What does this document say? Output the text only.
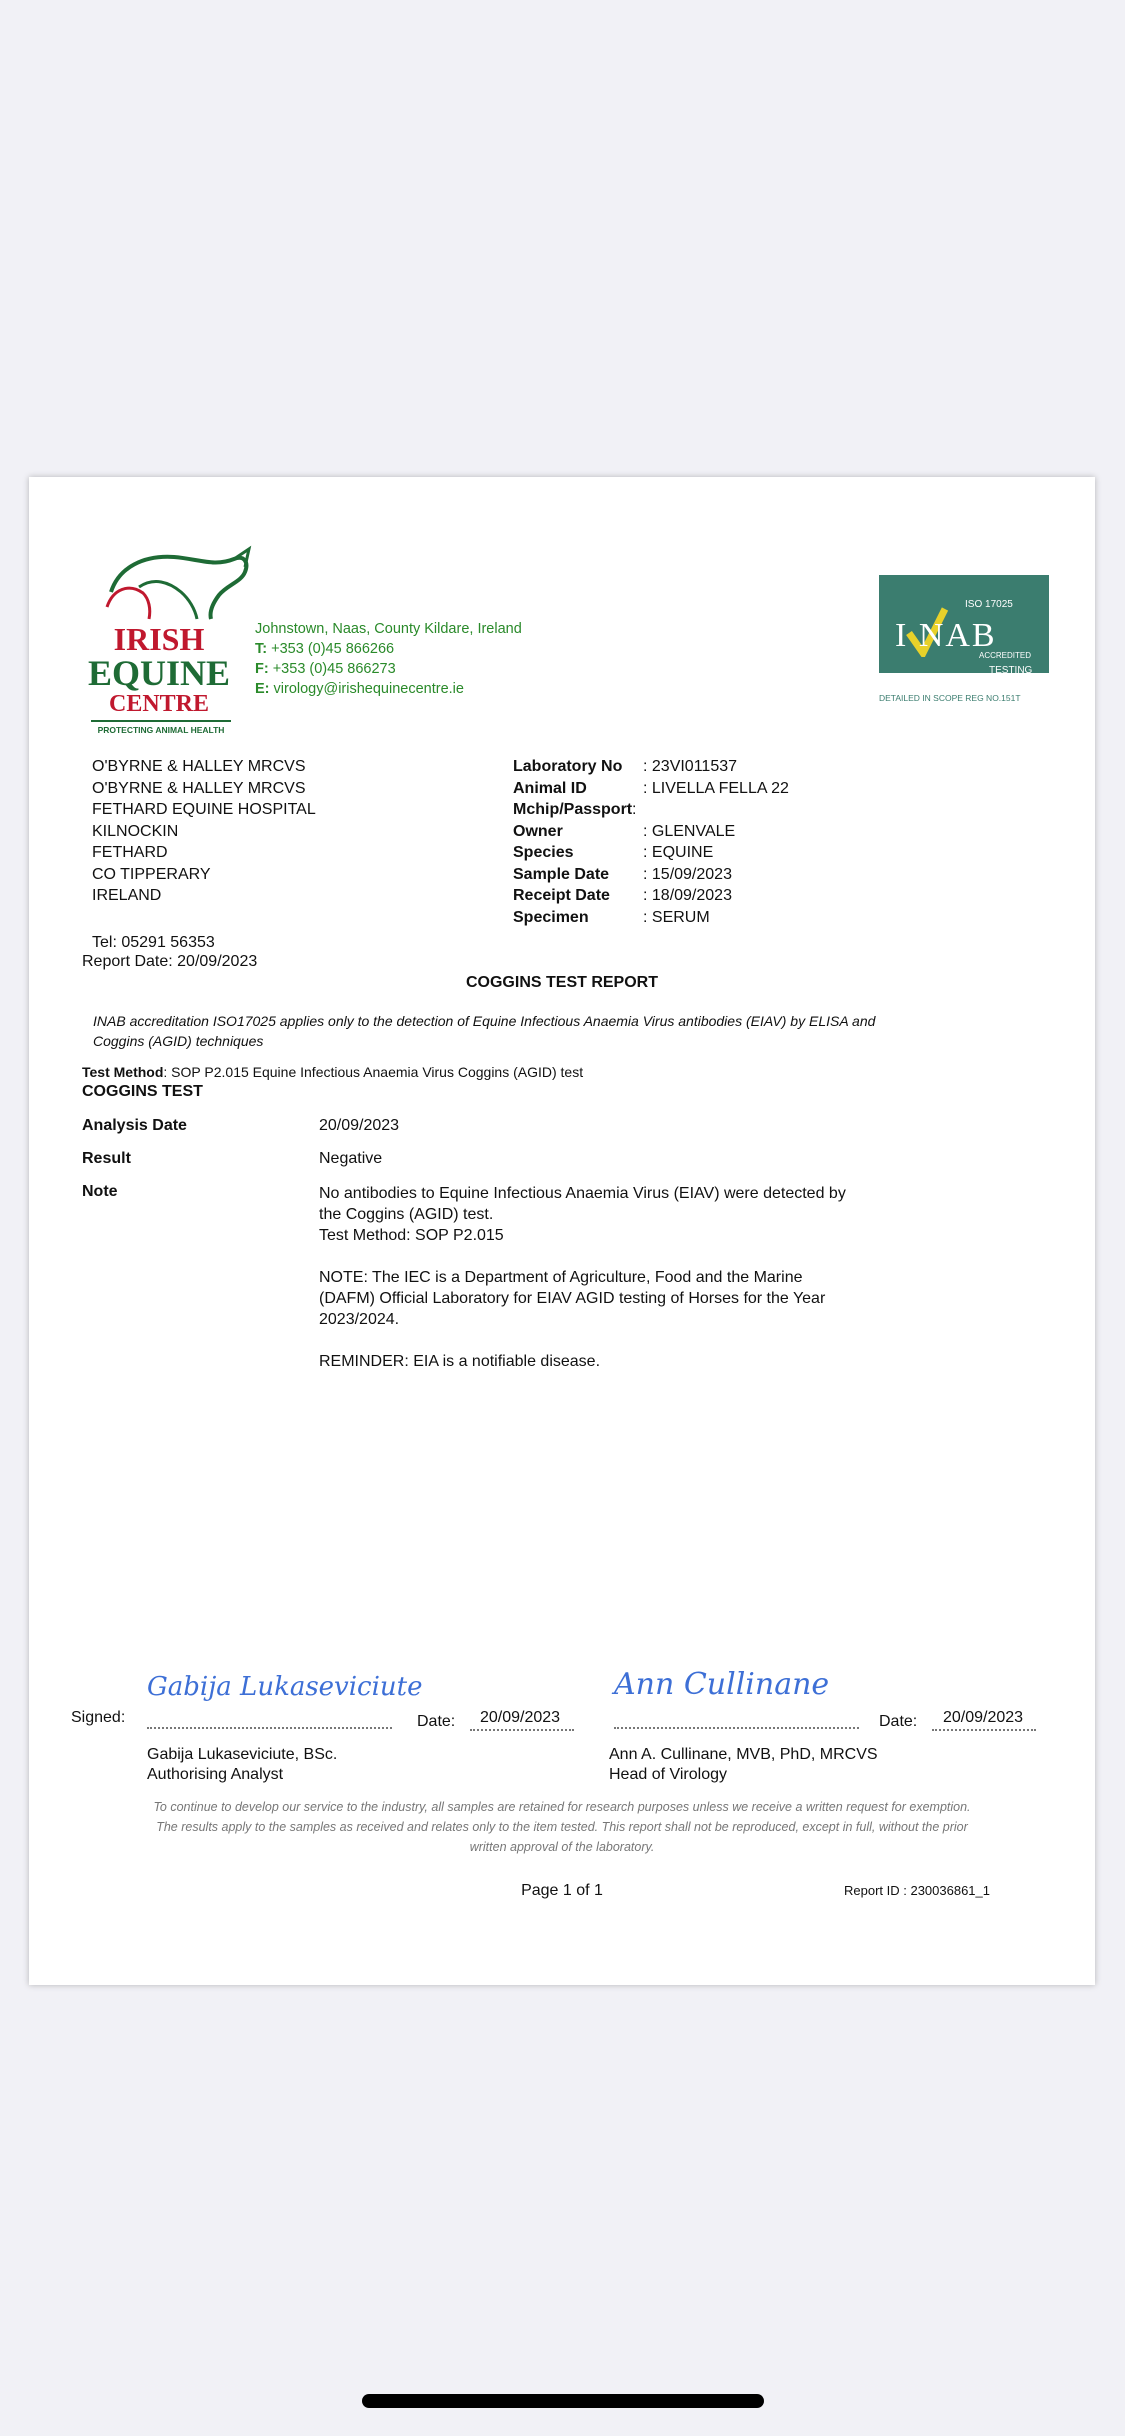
IRISH
EQUINE
CENTRE
PROTECTING ANIMAL HEALTH
Johnstown, Naas, County Kildare, Ireland
T: +353 (0)45 866266
F: +353 (0)45 866273
E: virology@irishequinecentre.ie
ISO 17025
I NAB
ACCREDITED
TESTING
DETAILED IN SCOPE REG NO.151T
O'BYRNE & HALLEY MRCVS
O'BYRNE & HALLEY MRCVS
FETHARD EQUINE HOSPITAL
KILNOCKIN
FETHARD
CO TIPPERARY
IRELAND
Tel: 05291 56353
Report Date: 20/09/2023
Laboratory No : 23VI011537
Animal ID	: LIVELLA FELLA 22
Mchip/Passport :
Owner	: GLENVALE
Species	: EQUINE
Sample Date : 15/09/2023
Receipt Date : 18/09/2023
Specimen	: SERUM
COGGINS TEST REPORT
INAB accreditation ISO17025 applies only to the detection of Equine Infectious Anaemia Virus antibodies (EIAV) by ELISA and
Coggins (AGID) techniques
Test Method: SOP P2.015 Equine Infectious Anaemia Virus Coggins (AGID) test
COGGINS TEST
Analysis Date	20/09/2023
Result	Negative
Note	No antibodies to Equine Infectious Anaemia Virus (EIAV) were detected by
the Coggins (AGID) test.
Test Method: SOP P2.015
NOTE: The IEC is a Department of Agriculture, Food and the Marine
(DAFM) Official Laboratory for EIAV AGID testing of Horses for the Year
2023/2024.
REMINDER: EIA is a notifiable disease.
Signed:
Gabija Lukaseviciute
Date: 20/09/2023
Gabija Lukaseviciute, BSc.
Authorising Analyst
Ann Cullinane
Date: 20/09/2023
Ann A. Cullinane, MVB, PhD, MRCVS
Head of Virology
To continue to develop our service to the industry, all samples are retained for research purposes unless we receive a written request for exemption.
The results apply to the samples as received and relates only to the item tested. This report shall not be reproduced, except in full, without the prior
written approval of the laboratory.
Page 1 of 1	Report ID : 230036861_1
